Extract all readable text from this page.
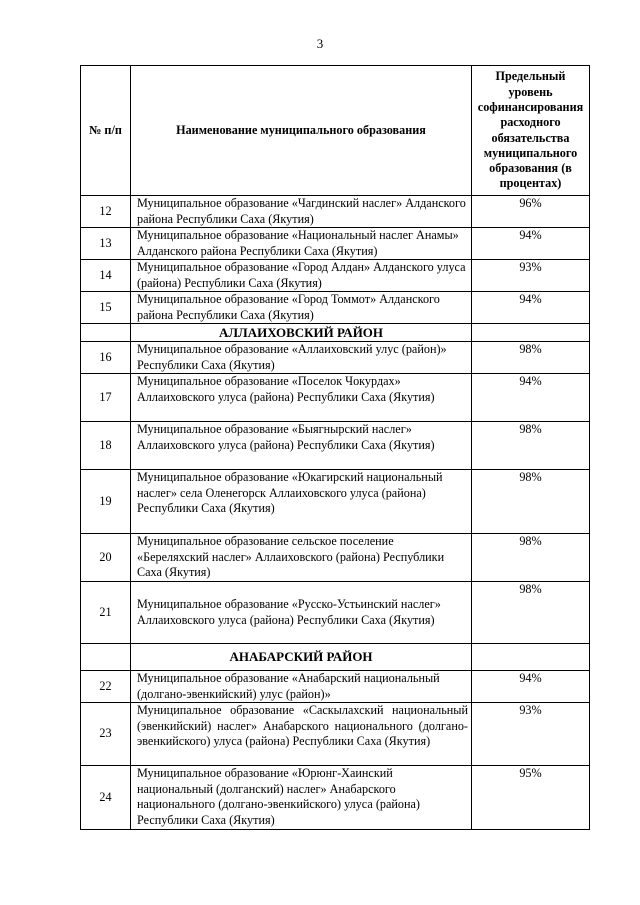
3
№ п/п	Наименование муниципального образования	Предельный уровень софинансирования расходного обязательства муниципального образования (в процентах)
12	Муниципальное образование «Чагдинский наслег» Алданского района Республики Саха (Якутия)	96%
13	Муниципальное образование «Национальный наслег Анамы» Алданского района Республики Саха (Якутия)	94%
14	Муниципальное образование «Город Алдан» Алданского улуса (района) Республики Саха (Якутия)	93%
15	Муниципальное образование «Город Томмот» Алданского района Республики Саха (Якутия)	94%
	АЛЛАИХОВСКИЙ РАЙОН	
16	Муниципальное образование «Аллаиховский улус (район)» Республики Саха (Якутия)	98%
17	Муниципальное образование «Поселок Чокурдах» Аллаиховского улуса (района) Республики Саха (Якутия)	94%
18	Муниципальное образование «Быягнырский наслег» Аллаиховского улуса (района) Республики Саха (Якутия)	98%
19	Муниципальное образование «Юкагирский национальный наслег» села Оленегорск Аллаиховского улуса (района) Республики Саха (Якутия)	98%
20	Муниципальное образование сельское поселение «Береляхский наслег» Аллаиховского (района) Республики Саха (Якутия)	98%
21	Муниципальное образование «Русско-Устьинский наслег» Аллаиховского улуса (района) Республики Саха (Якутия)	98%
	АНАБАРСКИЙ РАЙОН	
22	Муниципальное образование «Анабарский национальный (долгано-эвенкийский) улус (район)»	94%
23	Муниципальное образование «Саскылахский национальный (эвенкийский) наслег» Анабарского национального (долгано-эвенкийского) улуса (района) Республики Саха (Якутия)	93%
24	Муниципальное образование «Юрюнг-Хаинский национальный (долганский) наслег» Анабарского национального (долгано-эвенкийского) улуса (района) Республики Саха (Якутия)	95%
